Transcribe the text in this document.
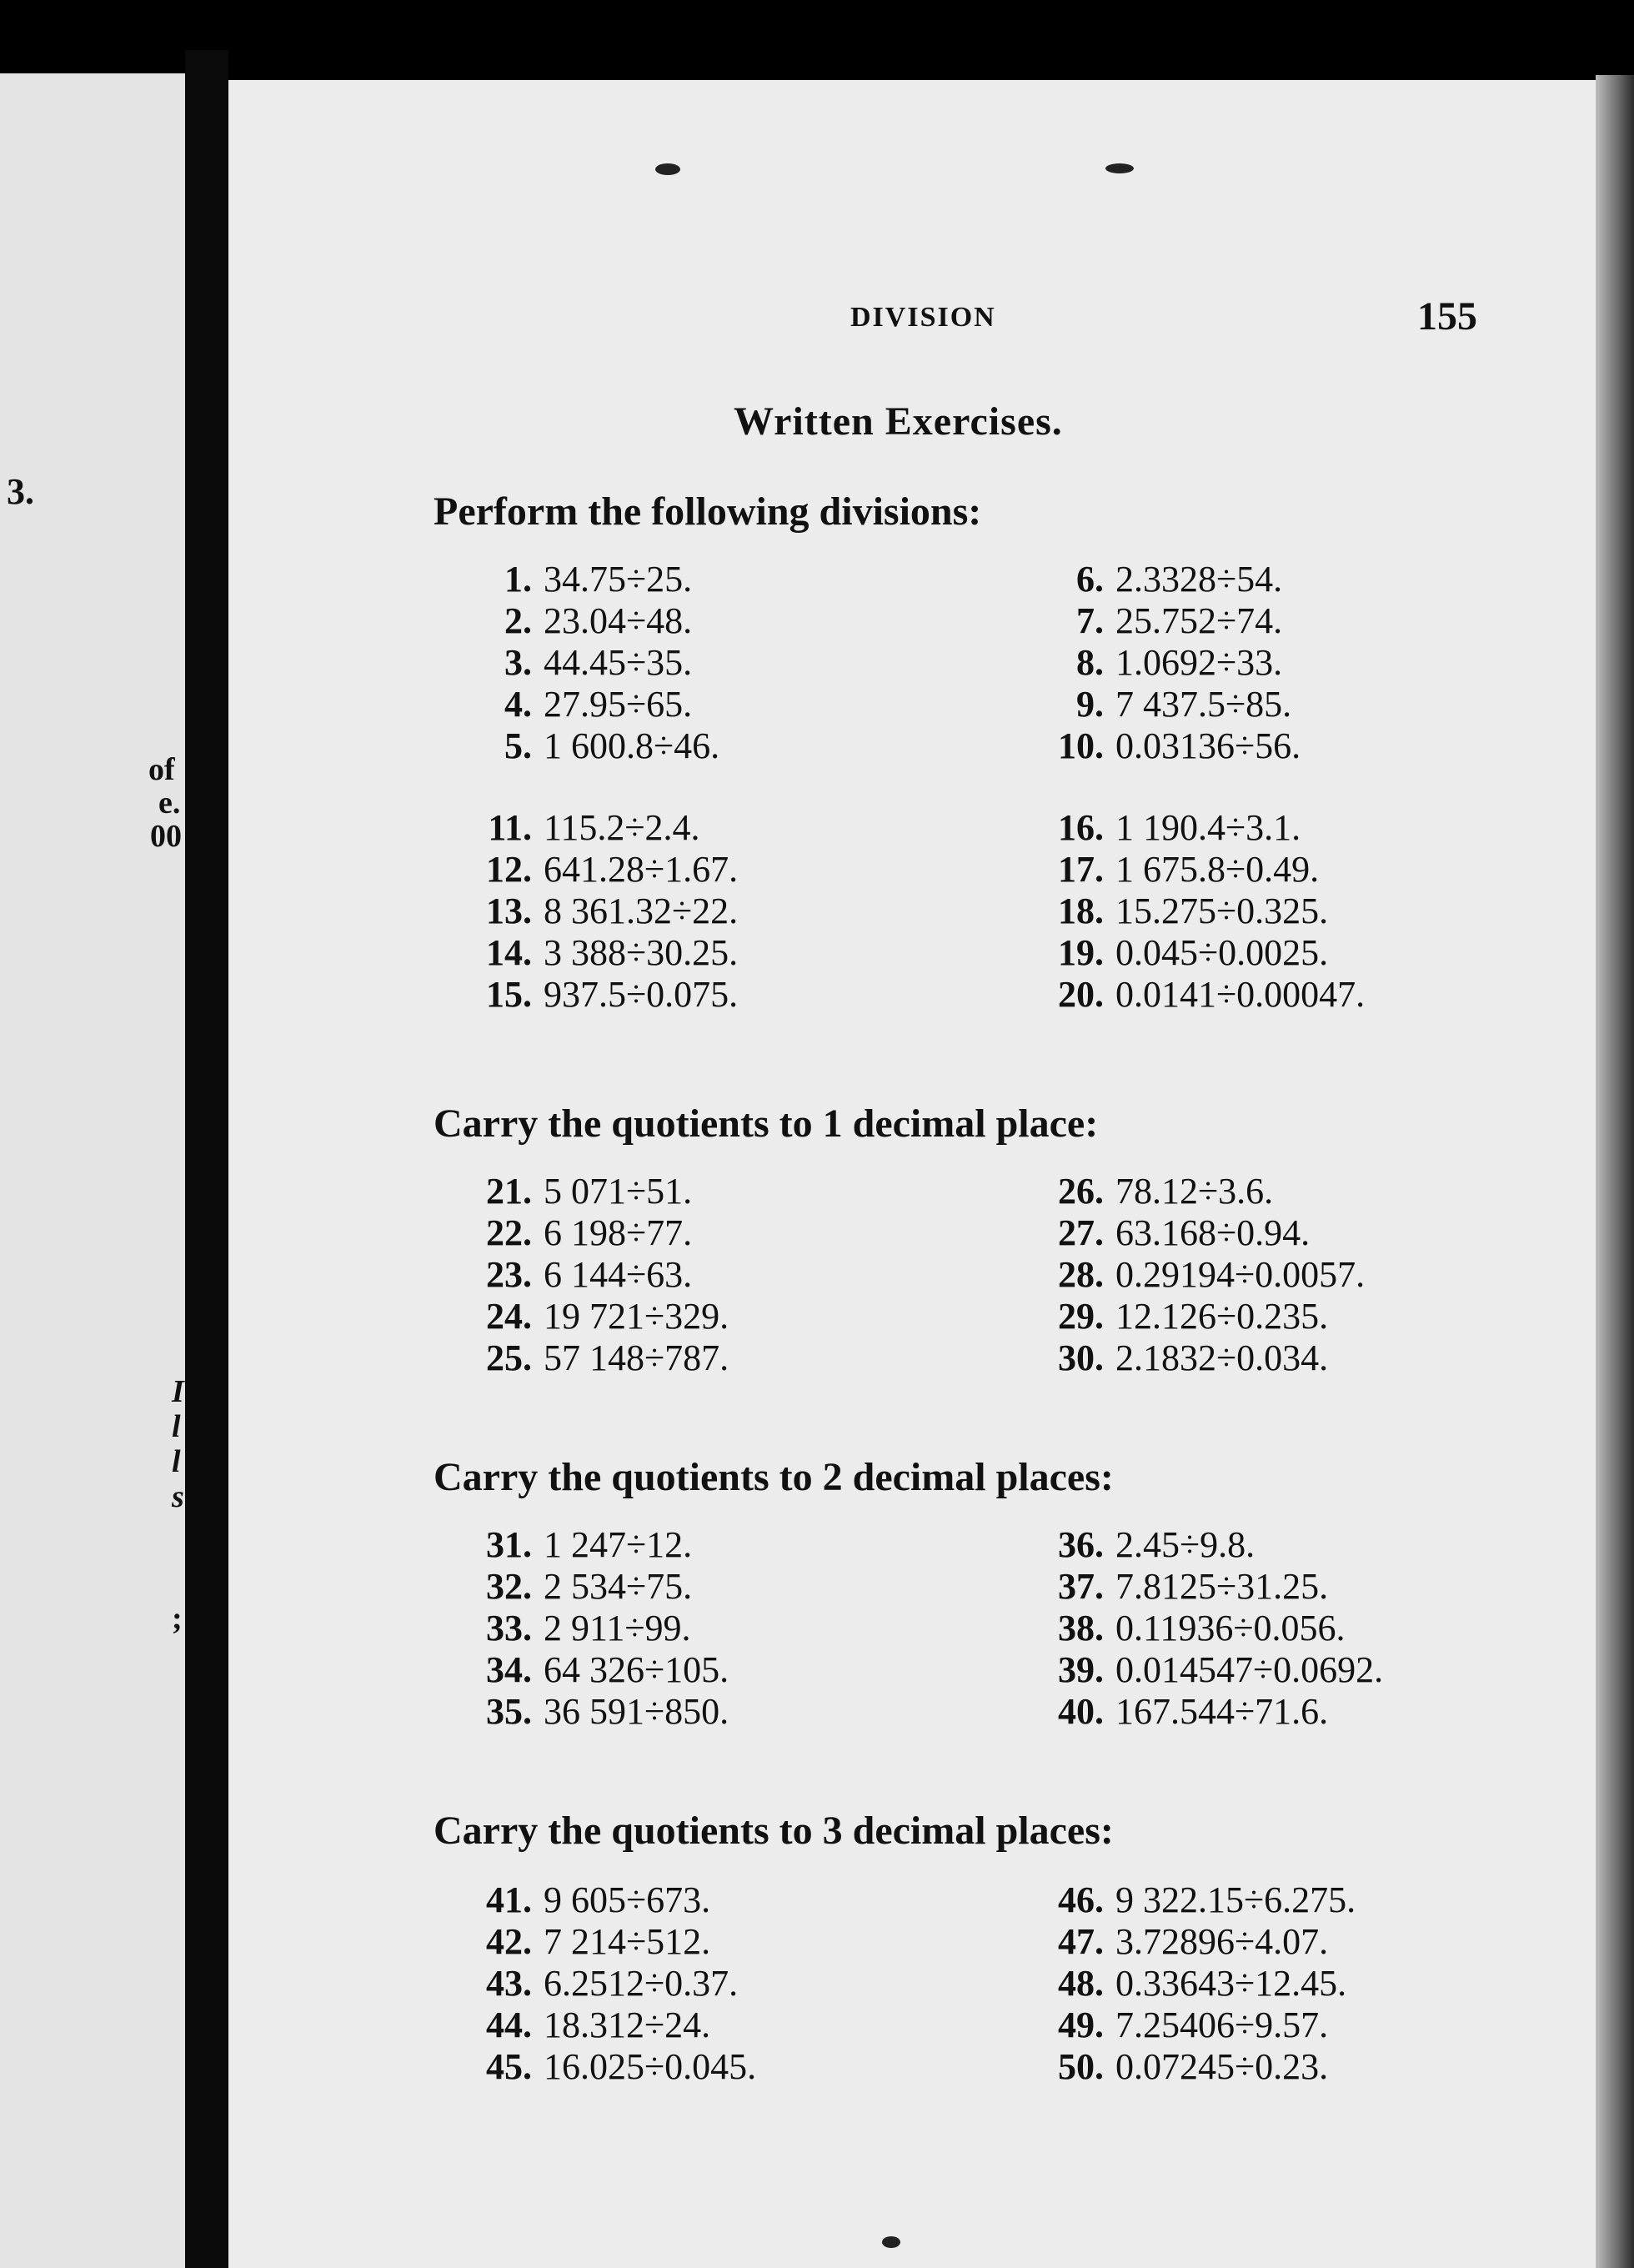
3.
of
e.
00
I
l
l
s
;
DIVISION	155
Written Exercises.
Perform the following divisions:
1. 34.75÷25.
2. 23.04÷48.
3. 44.45÷35.
4. 27.95÷65.
5. 1 600.8÷46.
11. 115.2÷2.4.
12. 641.28÷1.67.
13. 8 361.32÷22.
14. 3 388÷30.25.
15. 937.5÷0.075.
6. 2.3328÷54.
7. 25.752÷74.
8. 1.0692÷33.
9. 7 437.5÷85.
10. 0.03136÷56.
16. 1 190.4÷3.1.
17. 1 675.8÷0.49.
18. 15.275÷0.325.
19. 0.045÷0.0025.
20. 0.0141÷0.00047.
Carry the quotients to 1 decimal place:
21. 5 071÷51.
22. 6 198÷77.
23. 6 144÷63.
24. 19 721÷329.
25. 57 148÷787.
26. 78.12÷3.6.
27. 63.168÷0.94.
28. 0.29194÷0.0057.
29. 12.126÷0.235.
30. 2.1832÷0.034.
Carry the quotients to 2 decimal places:
31. 1 247÷12.
32. 2 534÷75.
33. 2 911÷99.
34. 64 326÷105.
35. 36 591÷850.
36. 2.45÷9.8.
37. 7.8125÷31.25.
38. 0.11936÷0.056.
39. 0.014547÷0.0692.
40. 167.544÷71.6.
Carry the quotients to 3 decimal places:
41. 9 605÷673.
42. 7 214÷512.
43. 6.2512÷0.37.
44. 18.312÷24.
45. 16.025÷0.045.
46. 9 322.15÷6.275.
47. 3.72896÷4.07.
48. 0.33643÷12.45.
49. 7.25406÷9.57.
50. 0.07245÷0.23.
